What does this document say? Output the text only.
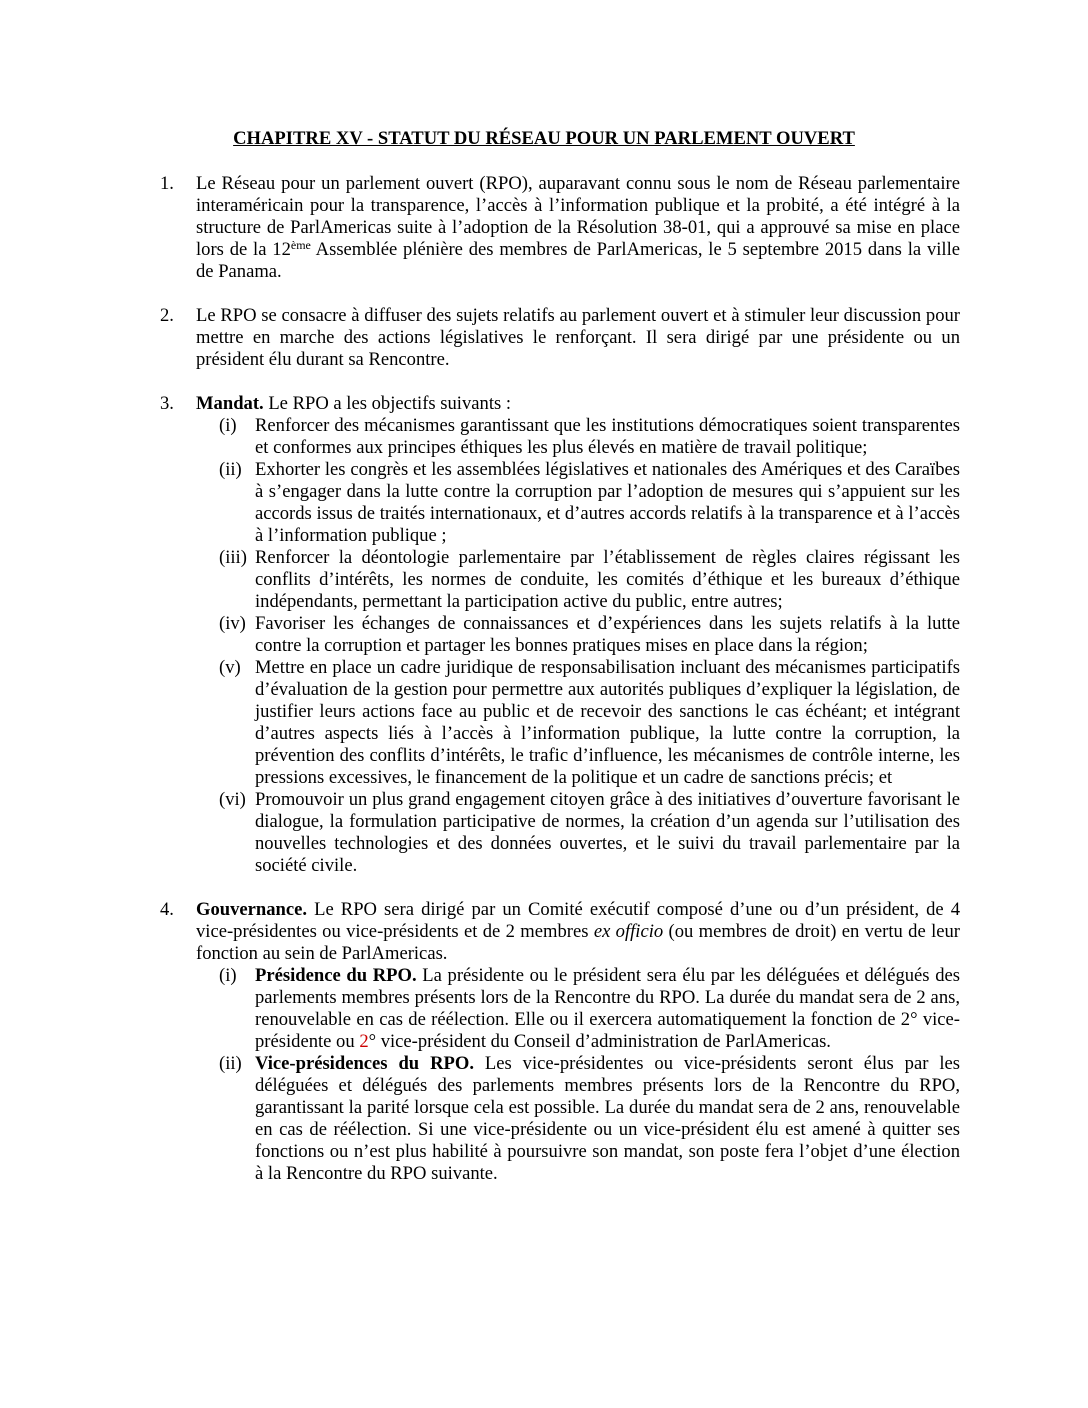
CHAPITRE XV - STATUT DU RÉSEAU POUR UN PARLEMENT OUVERT
1. Le Réseau pour un parlement ouvert (RPO), auparavant connu sous le nom de Réseau parlementaire interaméricain pour la transparence, l’accès à l’information publique et la probité, a été intégré à la structure de ParlAmericas suite à l’adoption de la Résolution 38-01, qui a approuvé sa mise en place lors de la 12ème Assemblée plénière des membres de ParlAmericas, le 5 septembre 2015 dans la ville de Panama.
2. Le RPO se consacre à diffuser des sujets relatifs au parlement ouvert et à stimuler leur discussion pour mettre en marche des actions législatives le renforçant. Il sera dirigé par une présidente ou un président élu durant sa Rencontre.
3. Mandat. Le RPO a les objectifs suivants :
(i) Renforcer des mécanismes garantissant que les institutions démocratiques soient transparentes et conformes aux principes éthiques les plus élevés en matière de travail politique;
(ii) Exhorter les congrès et les assemblées législatives et nationales des Amériques et des Caraïbes à s’engager dans la lutte contre la corruption par l’adoption de mesures qui s’appuient sur les accords issus de traités internationaux, et d’autres accords relatifs à la transparence et à l’accès à l’information publique ;
(iii) Renforcer la déontologie parlementaire par l’établissement de règles claires régissant les conflits d’intérêts, les normes de conduite, les comités d’éthique et les bureaux d’éthique indépendants, permettant la participation active du public, entre autres;
(iv) Favoriser les échanges de connaissances et d’expériences dans les sujets relatifs à la lutte contre la corruption et partager les bonnes pratiques mises en place dans la région;
(v) Mettre en place un cadre juridique de responsabilisation incluant des mécanismes participatifs d’évaluation de la gestion pour permettre aux autorités publiques d’expliquer la législation, de justifier leurs actions face au public et de recevoir des sanctions le cas échéant; et intégrant d’autres aspects liés à l’accès à l’information publique, la lutte contre la corruption, la prévention des conflits d’intérêts, le trafic d’influence, les mécanismes de contrôle interne, les pressions excessives, le financement de la politique et un cadre de sanctions précis; et
(vi) Promouvoir un plus grand engagement citoyen grâce à des initiatives d’ouverture favorisant le dialogue, la formulation participative de normes, la création d’un agenda sur l’utilisation des nouvelles technologies et des données ouvertes, et le suivi du travail parlementaire par la société civile.
4. Gouvernance. Le RPO sera dirigé par un Comité exécutif composé d’une ou d’un président, de 4 vice-présidentes ou vice-présidents et de 2 membres ex officio (ou membres de droit) en vertu de leur fonction au sein de ParlAmericas.
(i) Présidence du RPO. La présidente ou le président sera élu par les déléguées et délégués des parlements membres présents lors de la Rencontre du RPO. La durée du mandat sera de 2 ans, renouvelable en cas de réélection. Elle ou il exercera automatiquement la fonction de 2° vice-présidente ou 2° vice-président du Conseil d’administration de ParlAmericas.
(ii) Vice-présidences du RPO. Les vice-présidentes ou vice-présidents seront élus par les déléguées et délégués des parlements membres présents lors de la Rencontre du RPO, garantissant la parité lorsque cela est possible. La durée du mandat sera de 2 ans, renouvelable en cas de réélection. Si une vice-présidente ou un vice-président élu est amené à quitter ses fonctions ou n’est plus habilité à poursuivre son mandat, son poste fera l’objet d’une élection à la Rencontre du RPO suivante.
